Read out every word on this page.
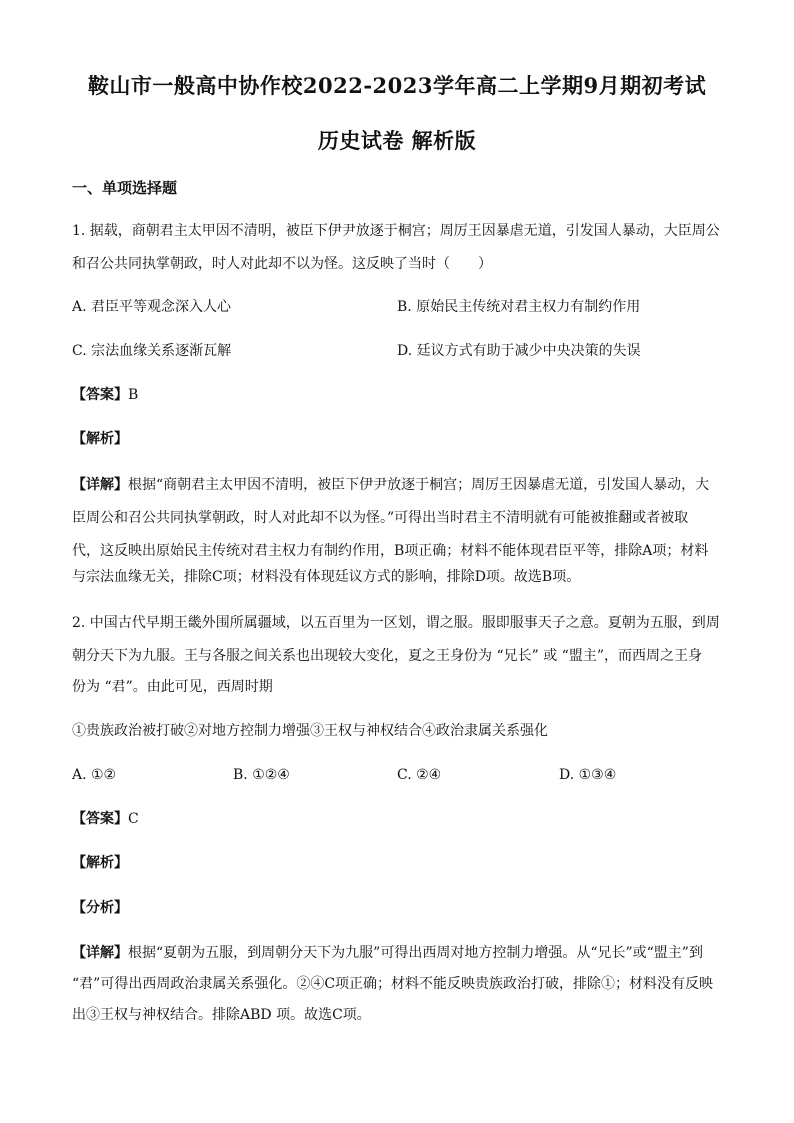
鞍山市一般高中协作校2022-2023学年高二上学期9月期初考试
历史试卷 解析版
一、单项选择题
1. 据载，商朝君主太甲因不清明，被臣下伊尹放逐于桐宫；周厉王因暴虐无道，引发国人暴动，大臣周公
和召公共同执掌朝政，时人对此却不以为怪。这反映了当时（　　）
A. 君臣平等观念深入人心	B. 原始民主传统对君主权力有制约作用
C. 宗法血缘关系逐渐瓦解	D. 廷议方式有助于减少中央决策的失误
【答案】B
【解析】
【详解】根据“商朝君主太甲因不清明，被臣下伊尹放逐于桐宫；周厉王因暴虐无道，引发国人暴动，大
臣周公和召公共同执掌朝政，时人对此却不以为怪。”可得出当时君主不清明就有可能被推翻或者被取
代，这反映出原始民主传统对君主权力有制约作用，B项正确；材料不能体现君臣平等，排除A项；材料
与宗法血缘无关，排除C项；材料没有体现廷议方式的影响，排除D项。故选B项。
2. 中国古代早期王畿外围所属疆域，以五百里为一区划，谓之服。服即服事天子之意。夏朝为五服，到周
朝分天下为九服。王与各服之间关系也出现较大变化，夏之王身份为 “兄长” 或 “盟主”，而西周之王身
份为 “君”。由此可见，西周时期
①贵族政治被打破②对地方控制力增强③王权与神权结合④政治隶属关系强化
A. ①②	B. ①②④	C. ②④	D. ①③④
【答案】C
【解析】
【分析】
【详解】根据“夏朝为五服，到周朝分天下为九服”可得出西周对地方控制力增强。从“兄长”或“盟主”到
“君”可得出西周政治隶属关系强化。②④C项正确；材料不能反映贵族政治打破，排除①；材料没有反映
出③王权与神权结合。排除ABD 项。故选C项。
